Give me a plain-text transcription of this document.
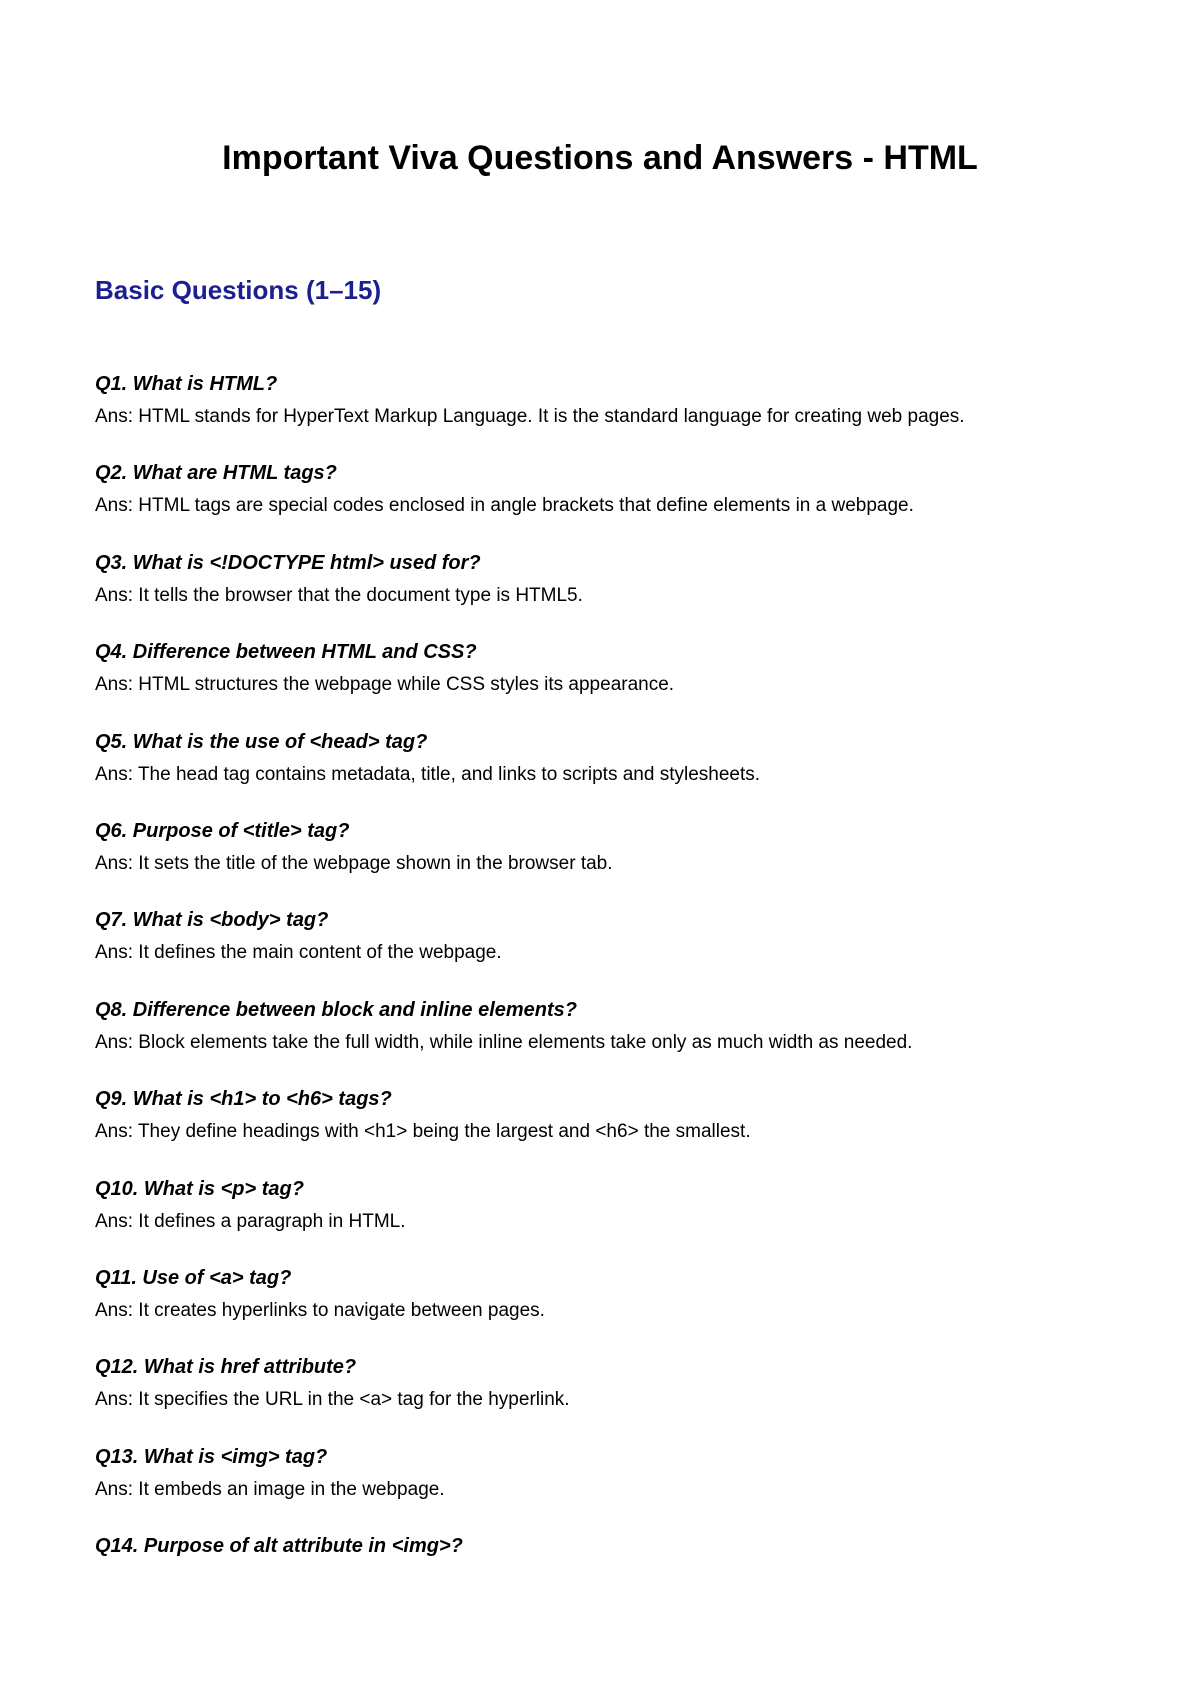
Important Viva Questions and Answers - HTML
Basic Questions (1–15)

Q1. What is HTML?

Ans: HTML stands for HyperText Markup Language. It is the standard language for creating web pages.

Q2. What are HTML tags?

Ans: HTML tags are special codes enclosed in angle brackets that define elements in a webpage.

Q3. What is <!DOCTYPE html> used for?

Ans: It tells the browser that the document type is HTML5.

Q4. Difference between HTML and CSS?

Ans: HTML structures the webpage while CSS styles its appearance.

Q5. What is the use of <head> tag?

Ans: The head tag contains metadata, title, and links to scripts and stylesheets.

Q6. Purpose of <title> tag?

Ans: It sets the title of the webpage shown in the browser tab.

Q7. What is <body> tag?

Ans: It defines the main content of the webpage.

Q8. Difference between block and inline elements?

Ans: Block elements take the full width, while inline elements take only as much width as needed.

Q9. What is <h1> to <h6> tags?

Ans: They define headings with <h1> being the largest and <h6> the smallest.

Q10. What is <p> tag?

Ans: It defines a paragraph in HTML.

Q11. Use of <a> tag?

Ans: It creates hyperlinks to navigate between pages.

Q12. What is href attribute?

Ans: It specifies the URL in the <a> tag for the hyperlink.

Q13. What is <img> tag?

Ans: It embeds an image in the webpage.

Q14. Purpose of alt attribute in <img>?
